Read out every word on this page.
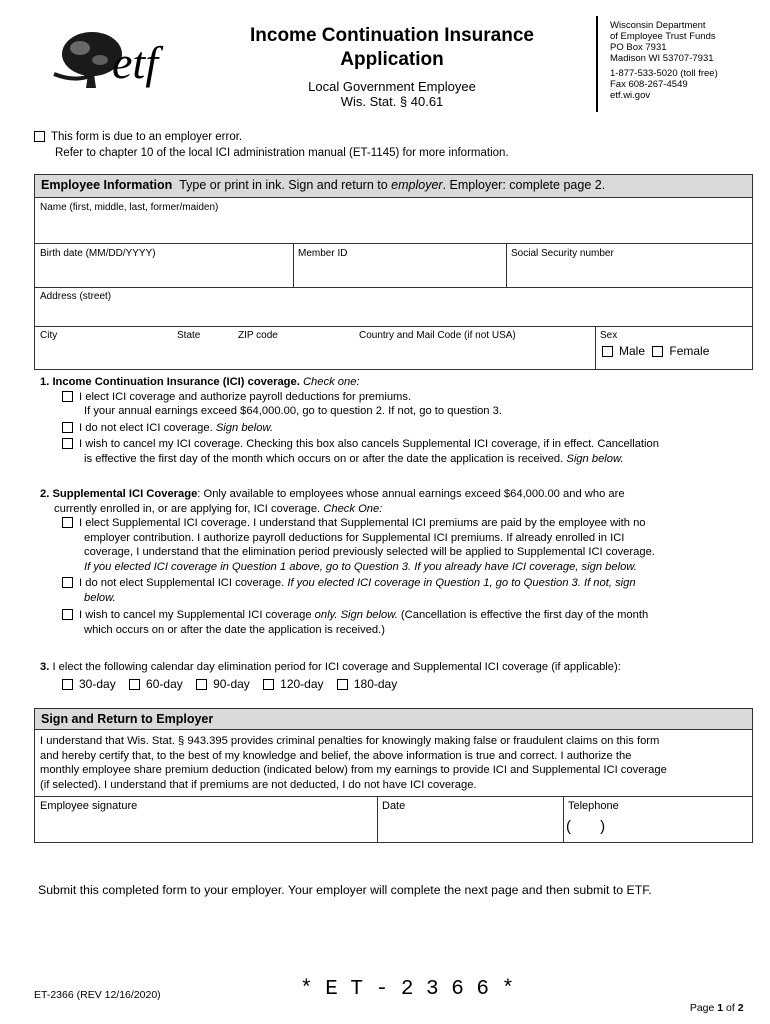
etf
Income Continuation Insurance
Application
Local Government Employee
Wis. Stat. § 40.61
Wisconsin Department
of Employee Trust Funds
PO Box 7931
Madison WI 53707-7931
1-877-533-5020 (toll free)
Fax 608-267-4549
etf.wi.gov
This form is due to an employer error.
Refer to chapter 10 of the local ICI administration manual (ET-1145) for more information.
Employee Information Type or print in ink. Sign and return to employer. Employer: complete page 2.
Name (first, middle, last, former/maiden)
Birth date (MM/DD/YYYY)	Member ID	Social Security number
Address (street)
City	State	ZIP code	Country and Mail Code (if not USA)	Sex
Male Female
1. Income Continuation Insurance (ICI) coverage. Check one:
I elect ICI coverage and authorize payroll deductions for premiums.
If your annual earnings exceed $64,000.00, go to question 2. If not, go to question 3.
I do not elect ICI coverage. Sign below.
I wish to cancel my ICI coverage. Checking this box also cancels Supplemental ICI coverage, if in effect. Cancellation
is effective the first day of the month which occurs on or after the date the application is received. Sign below.
2. Supplemental ICI Coverage: Only available to employees whose annual earnings exceed $64,000.00 and who are
currently enrolled in, or are applying for, ICI coverage. Check One:
I elect Supplemental ICI coverage. I understand that Supplemental ICI premiums are paid by the employee with no
employer contribution. I authorize payroll deductions for Supplemental ICI premiums. If already enrolled in ICI
coverage, I understand that the elimination period previously selected will be applied to Supplemental ICI coverage.
If you elected ICI coverage in Question 1 above, go to Question 3. If you already have ICI coverage, sign below.
I do not elect Supplemental ICI coverage. If you elected ICI coverage in Question 1, go to Question 3. If not, sign
below.
I wish to cancel my Supplemental ICI coverage only. Sign below. (Cancellation is effective the first day of the month
which occurs on or after the date the application is received.)
3. I elect the following calendar day elimination period for ICI coverage and Supplemental ICI coverage (if applicable):
30-day	60-day	90-day	120-day	180-day
Sign and Return to Employer
I understand that Wis. Stat. § 943.395 provides criminal penalties for knowingly making false or fraudulent claims on this form
and hereby certify that, to the best of my knowledge and belief, the above information is true and correct. I authorize the
monthly employee share premium deduction (indicated below) from my earnings to provide ICI and Supplemental ICI coverage
(if selected). I understand that if premiums are not deducted, I do not have ICI coverage.
Employee signature	Date	Telephone
(       )
Submit this completed form to your employer. Your employer will complete the next page and then submit to ETF.
ET-2366 (REV 12/16/2020)	* E T - 2 3 6 6 *

Page 1 of 2
